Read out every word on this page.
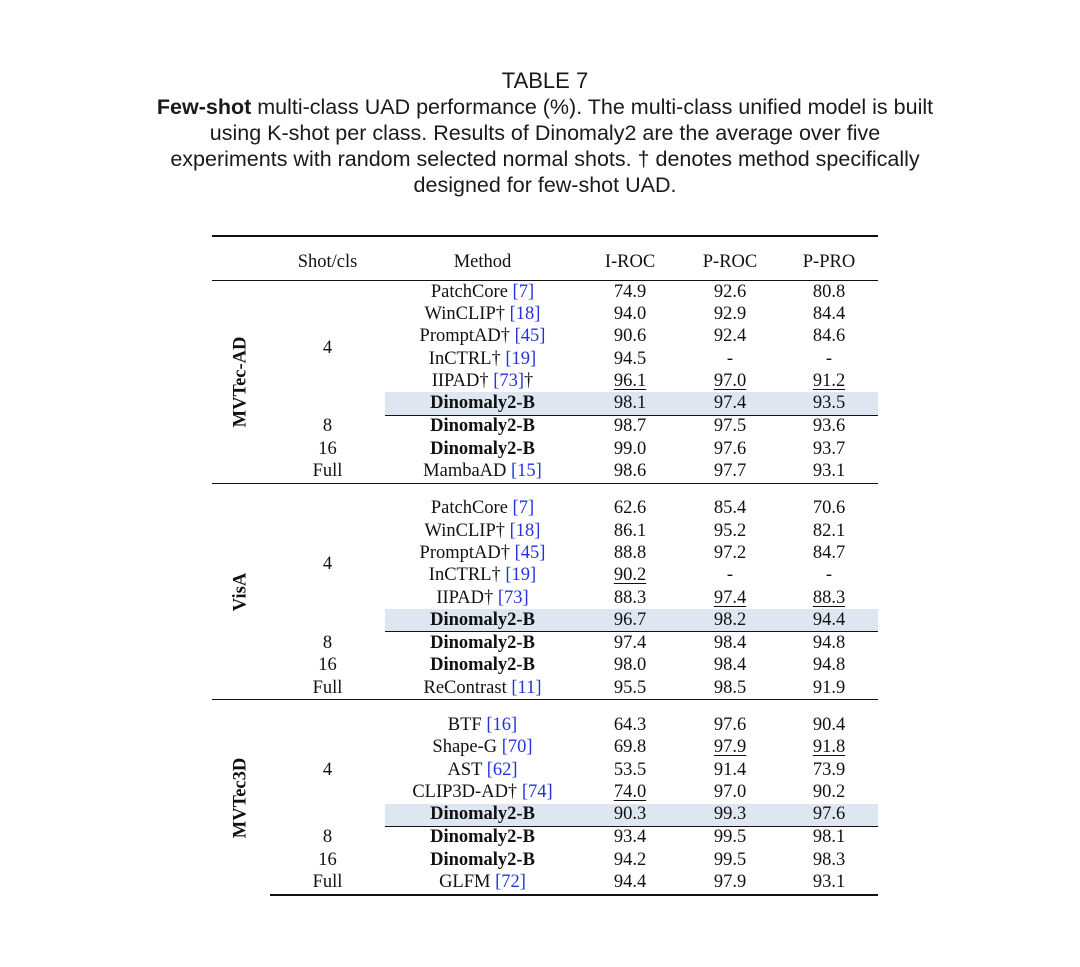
TABLE 7
Few-shot multi-class UAD performance (%). The multi-class unified model is built using K-shot per class. Results of Dinomaly2 are the average over five experiments with random selected normal shots. † denotes method specifically designed for few-shot UAD.
	Shot/cls	Method	I-ROC	P-ROC	P-PRO

MVTec-AD	4	PatchCore [7]	74.9	92.6	80.8
		WinCLIP† [18]	94.0	92.9	84.4
		PromptAD† [45]	90.6	92.4	84.6
		InCTRL† [19]	94.5	-	-
		IIPAD† [73]†	96.1	97.0	91.2
		Dinomaly2-B	98.1	97.4	93.5
	8	Dinomaly2-B	98.7	97.5	93.6
	16	Dinomaly2-B	99.0	97.6	93.7
	Full	MambaAD [15]	98.6	97.7	93.1

VisA					

	4	PatchCore [7]	62.6	85.4	70.6
		WinCLIP† [18]	86.1	95.2	82.1
		PromptAD† [45]	88.8	97.2	84.7
		InCTRL† [19]	90.2	-	-
		IIPAD† [73]	88.3	97.4	88.3
		Dinomaly2-B	96.7	98.2	94.4
	8	Dinomaly2-B	97.4	98.4	94.8
	16	Dinomaly2-B	98.0	98.4	94.8
	Full	ReContrast [11]	95.5	98.5	91.9

MVTec3D					

	4	BTF [16]	64.3	97.6	90.4
		Shape-G [70]	69.8	97.9	91.8
		AST [62]	53.5	91.4	73.9
		CLIP3D-AD† [74]	74.0	97.0	90.2
		Dinomaly2-B	90.3	99.3	97.6
	8	Dinomaly2-B	93.4	99.5	98.1
	16	Dinomaly2-B	94.2	99.5	98.3
	Full	GLFM [72]	94.4	97.9	93.1
